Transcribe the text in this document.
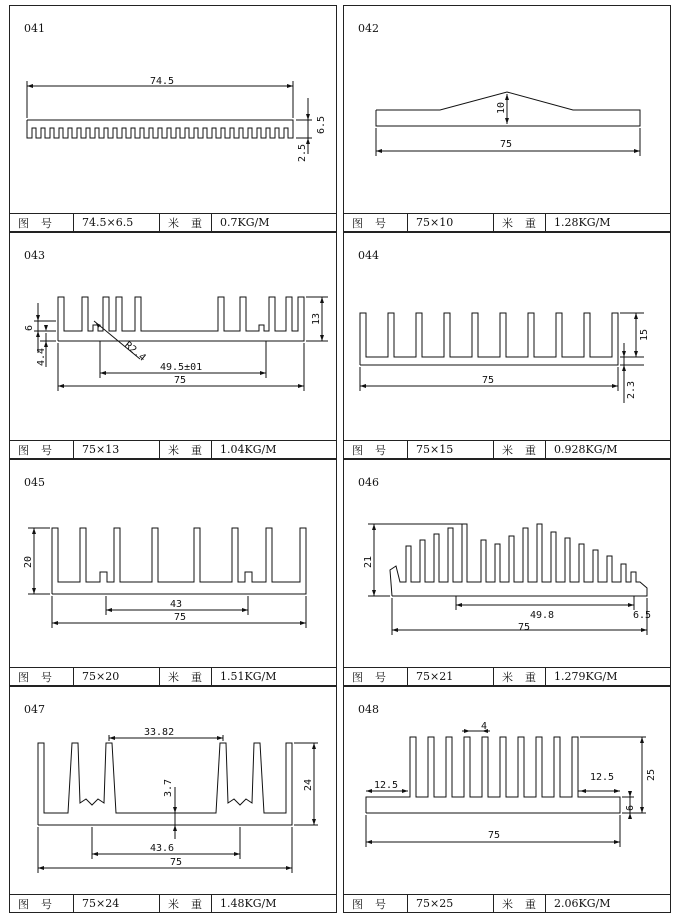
041
74.5
6.5
2.5
图号	74.5×6.5	米重 0.7KG/M
042
10
75
图号	75×10	米重 1.28KG/M
043
6
4.4	R2.4
49.5±01
75
13
图号	75×13	米重 1.04KG/M
044
15
75
2.3
图号	75×15	米重 0.928KG/M
045
20
43
75
图号	75×20	米重 1.51KG/M
046
21
49.8	6.5
75
图号	75×21	米重 1.279KG/M
047
33.82
3.7	24
43.6
75
图号	75×24	米重 1.48KG/M
048
4
12.5
12.5	25
6
75
图号	75×25	米重 2.06KG/M
